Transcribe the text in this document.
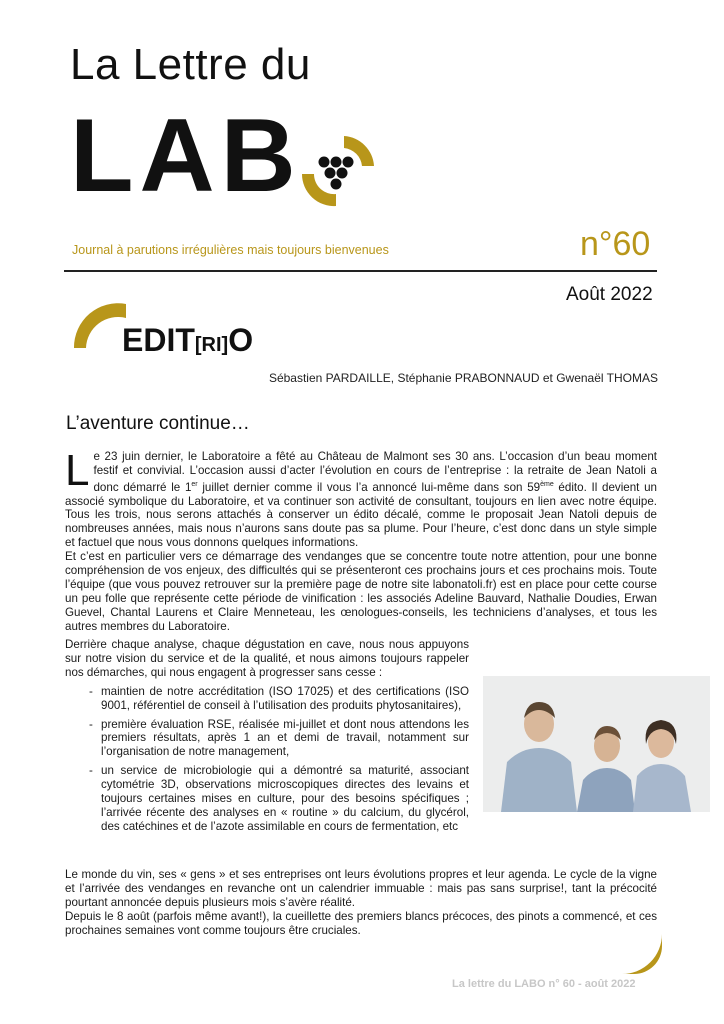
La Lettre du
LAB
Journal à parutions irrégulières mais toujours bienvenues	n°60
Août 2022
EDIT[RI]O
Sébastien PARDAILLE, Stéphanie PRABONNAUD et Gwenaël THOMAS
L’aventure continue…

Le 23 juin dernier, le Laboratoire a fêté au Château de Malmont ses 30 ans. L’occasion d’un beau moment festif et convivial. L’occasion aussi d’acter l’évolution en cours de l’entreprise : la retraite de Jean Natoli a donc démarré le 1er juillet dernier comme il vous l’a annoncé lui-même dans son 59ème édito. Il devient un associé symbolique du Laboratoire, et va continuer son activité de consultant, toujours en lien avec notre équipe. Tous les trois, nous serons attachés à conserver un édito décalé, comme le proposait Jean Natoli depuis de nombreuses années, mais nous n’aurons sans doute pas sa plume. Pour l’heure, c’est donc dans un style simple et factuel que nous vous donnons quelques informations.

Et c’est en particulier vers ce démarrage des vendanges que se concentre toute notre attention, pour une bonne compréhension de vos enjeux, des difficultés qui se présenteront ces prochains jours et ces prochains mois. Toute l’équipe (que vous pouvez retrouver sur la première page de notre site labonatoli.fr) est en place pour cette course un peu folle que représente cette période de vinification : les associés Adeline Bauvard, Nathalie Doudies, Erwan Guevel, Chantal Laurens et Claire Menneteau, les œnologues-conseils, les techniciens d’analyses, et tous les autres membres du Laboratoire.

Derrière chaque analyse, chaque dégustation en cave, nous nous appuyons sur notre vision du service et de la qualité, et nous aimons toujours rappeler nos démarches, qui nous engagent à progresser sans cesse :

- maintien de notre accréditation (ISO 17025) et des certifications (ISO 9001, référentiel de conseil à l’utilisation des produits phytosanitaires),
- première évaluation RSE, réalisée mi-juillet et dont nous attendons les premiers résultats, après 1 an et demi de travail, notamment sur l’organisation de notre management,
- un service de microbiologie qui a démontré sa maturité, associant cytométrie 3D, observations microscopiques directes des levains et toujours certaines mises en culture, pour des besoins spécifiques ; l’arrivée récente des analyses en « routine » du calcium, du glycérol, des catéchines et de l’azote assimilable en cours de fermentation, etc

Le monde du vin, ses « gens » et ses entreprises ont leurs évolutions propres et leur agenda. Le cycle de la vigne et l’arrivée des vendanges en revanche ont un calendrier immuable : mais pas sans surprise!, tant la précocité pourtant annoncée depuis plusieurs mois s’avère réalité.

Depuis le 8 août (parfois même avant!), la cueillette des premiers blancs précoces, des pinots a commencé, et ces prochaines semaines vont comme toujours être cruciales.

La lettre du LABO n° 60 - août 2022
